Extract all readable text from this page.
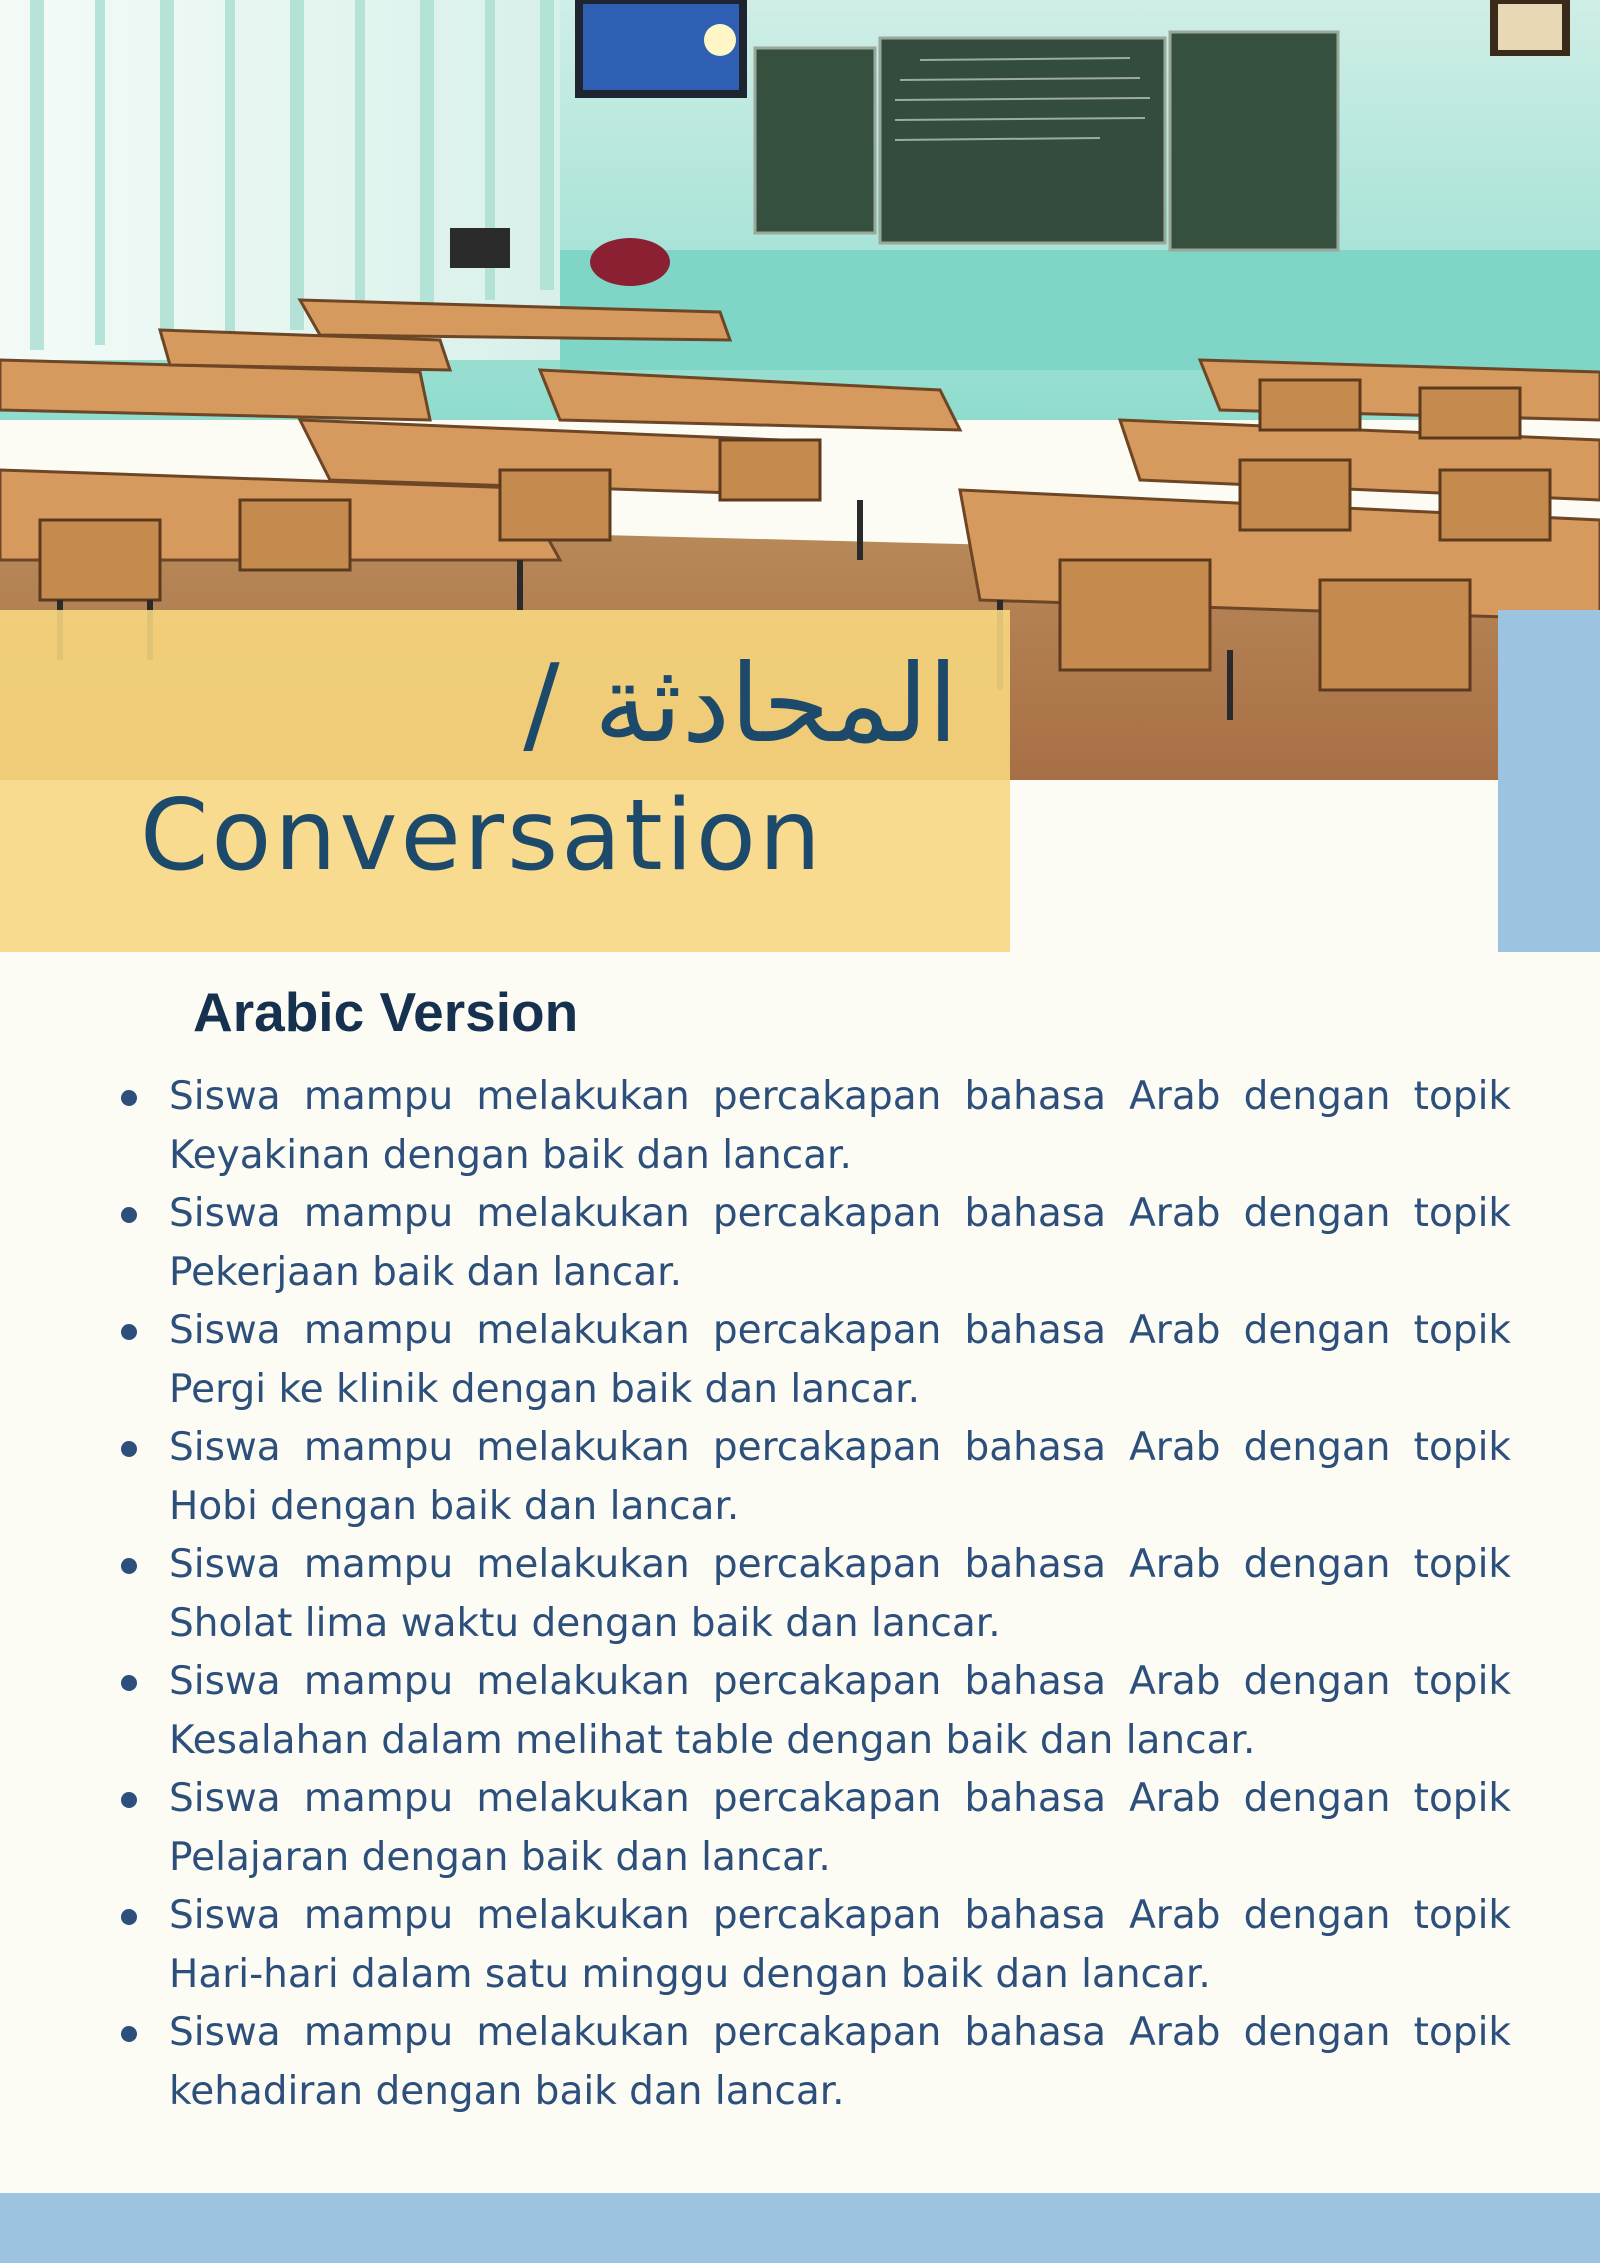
المحادثة /
Conversation
Arabic Version
Siswa mampu melakukan percakapan bahasa Arab dengan topik Keyakinan dengan baik dan lancar.
Siswa mampu melakukan percakapan bahasa Arab dengan topik Pekerjaan baik dan lancar.
Siswa mampu melakukan percakapan bahasa Arab dengan topik Pergi ke klinik dengan baik dan lancar.
Siswa mampu melakukan percakapan bahasa Arab dengan topik Hobi dengan baik dan lancar.
Siswa mampu melakukan percakapan bahasa Arab dengan topik Sholat lima waktu dengan baik dan lancar.
Siswa mampu melakukan percakapan bahasa Arab dengan topik Kesalahan dalam melihat table dengan baik dan lancar.
Siswa mampu melakukan percakapan bahasa Arab dengan topik Pelajaran dengan baik dan lancar.
Siswa mampu melakukan percakapan bahasa Arab dengan topik Hari-hari dalam satu minggu dengan baik dan lancar.
Siswa mampu melakukan percakapan bahasa Arab dengan topik kehadiran dengan baik dan lancar.
